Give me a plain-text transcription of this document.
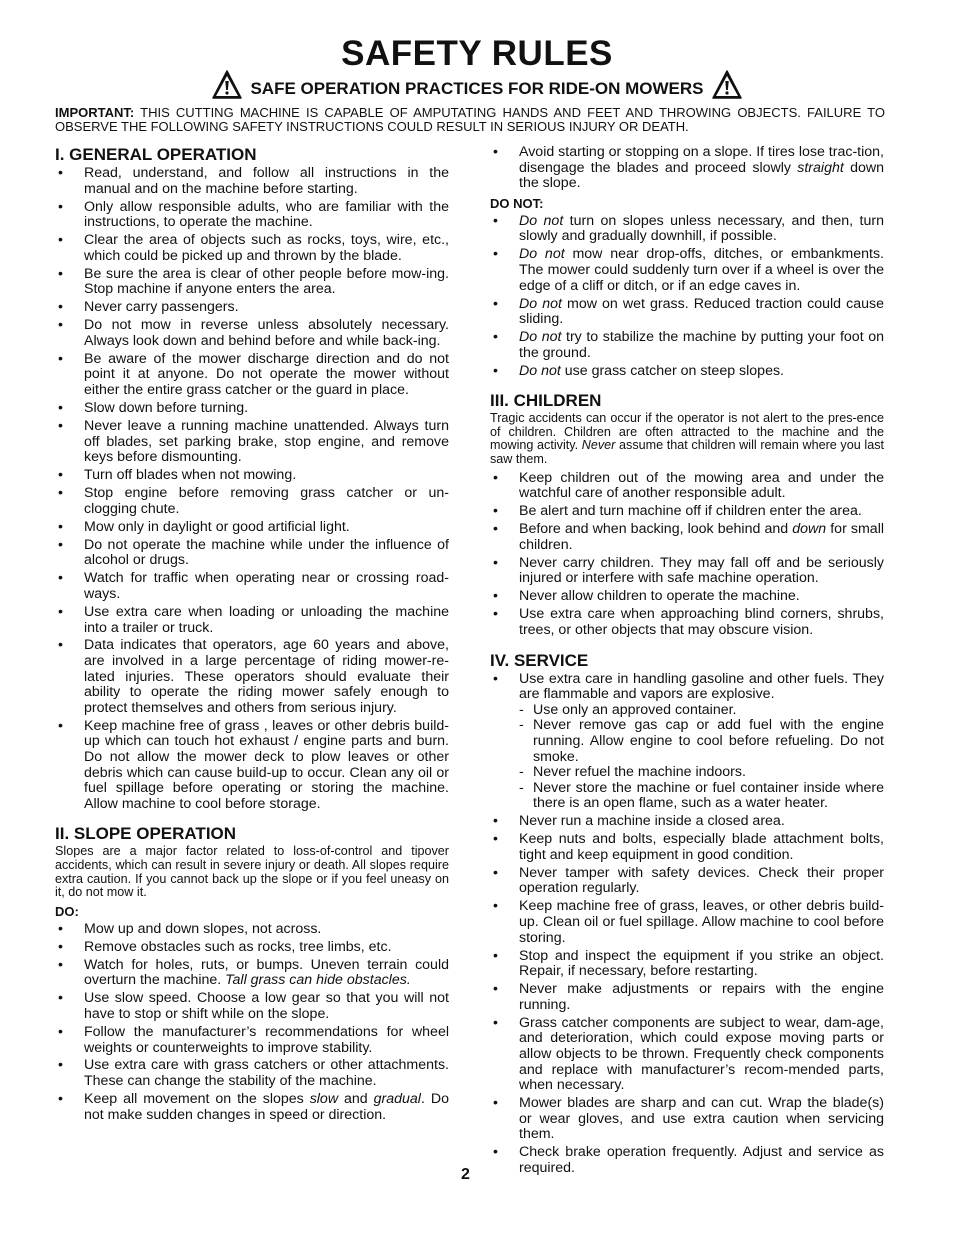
SAFETY RULES
SAFE OPERATION PRACTICES FOR RIDE-ON MOWERS
IMPORTANT: THIS CUTTING MACHINE IS CAPABLE OF AMPUTATING HANDS AND FEET AND THROWING OBJECTS. FAILURE TO OBSERVE THE FOLLOWING SAFETY INSTRUCTIONS COULD RESULT IN SERIOUS INJURY OR DEATH.
I. GENERAL OPERATION
• Read, understand, and follow all instructions in the manual and on the machine before starting.
• Only allow responsible adults, who are familiar with the instructions, to operate the machine.
• Clear the area of objects such as rocks, toys, wire, etc., which could be picked up and thrown by the blade.
• Be sure the area is clear of other people before mow-ing. Stop machine if anyone enters the area.
• Never carry passengers.
• Do not mow in reverse unless absolutely necessary. Always look down and behind before and while back-ing.
• Be aware of the mower discharge direction and do not point it at anyone. Do not operate the mower without either the entire grass catcher or the guard in place.
• Slow down before turning.
• Never leave a running machine unattended. Always turn off blades, set parking brake, stop engine, and remove keys before dismounting.
• Turn off blades when not mowing.
• Stop engine before removing grass catcher or un-clogging chute.
• Mow only in daylight or good artificial light.
• Do not operate the machine while under the influence of alcohol or drugs.
• Watch for traffic when operating near or crossing road-ways.
• Use extra care when loading or unloading the machine into a trailer or truck.
• Data indicates that operators, age 60 years and above, are involved in a large percentage of riding mower-re-lated injuries. These operators should evaluate their ability to operate the riding mower safely enough to protect themselves and others from serious injury.
• Keep machine free of grass , leaves or other debris build-up which can touch hot exhaust / engine parts and burn. Do not allow the mower deck to plow leaves or other debris which can cause build-up to occur. Clean any oil or fuel spillage before operating or storing the machine. Allow machine to cool before storage.
II. SLOPE OPERATION

Slopes are a major factor related to loss-of-control and tipover accidents, which can result in severe injury or death. All slopes require extra caution. If you cannot back up the slope or if you feel uneasy on it, do not mow it.

DO:
• Mow up and down slopes, not across.
• Remove obstacles such as rocks, tree limbs, etc.
• Watch for holes, ruts, or bumps. Uneven terrain could overturn the machine. Tall grass can hide obstacles.
• Use slow speed. Choose a low gear so that you will not have to stop or shift while on the slope.
• Follow the manufacturer’s recommendations for wheel weights or counterweights to improve stability.
• Use extra care with grass catchers or other attachments. These can change the stability of the machine.
• Keep all movement on the slopes slow and gradual. Do not make sudden changes in speed or direction.
• Avoid starting or stopping on a slope. If tires lose trac-tion, disengage the blades and proceed slowly straight down the slope.
DO NOT:
• Do not turn on slopes unless necessary, and then, turn slowly and gradually downhill, if possible.
• Do not mow near drop-offs, ditches, or embankments. The mower could suddenly turn over if a wheel is over the edge of a cliff or ditch, or if an edge caves in.
• Do not mow on wet grass. Reduced traction could cause sliding.
• Do not try to stabilize the machine by putting your foot on the ground.
• Do not use grass catcher on steep slopes.
III. CHILDREN

Tragic accidents can occur if the operator is not alert to the pres-ence of children. Children are often attracted to the machine and the mowing activity. Never assume that children will remain where you last saw them.

• Keep children out of the mowing area and under the watchful care of another responsible adult.
• Be alert and turn machine off if children enter the area.
• Before and when backing, look behind and down for small children.
• Never carry children. They may fall off and be seriously injured or interfere with safe machine operation.
• Never allow children to operate the machine.
• Use extra care when approaching blind corners, shrubs, trees, or other objects that may obscure vision.
IV. SERVICE
• Use extra care in handling gasoline and other fuels. They are flammable and vapors are explosive.
- Use only an approved container.
- Never remove gas cap or add fuel with the engine running. Allow engine to cool before refueling. Do not smoke.
- Never refuel the machine indoors.
- Never store the machine or fuel container inside where there is an open flame, such as a water heater.
• Never run a machine inside a closed area.
• Keep nuts and bolts, especially blade attachment bolts, tight and keep equipment in good condition.
• Never tamper with safety devices. Check their proper operation regularly.
• Keep machine free of grass, leaves, or other debris build-up. Clean oil or fuel spillage. Allow machine to cool before storing.
• Stop and inspect the equipment if you strike an object. Repair, if necessary, before restarting.
• Never make adjustments or repairs with the engine running.
• Grass catcher components are subject to wear, dam-age, and deterioration, which could expose moving parts or allow objects to be thrown. Frequently check components and replace with manufacturer’s recom-mended parts, when necessary.
• Mower blades are sharp and can cut. Wrap the blade(s) or wear gloves, and use extra caution when servicing them.
• Check brake operation frequently. Adjust and service as required.
2
